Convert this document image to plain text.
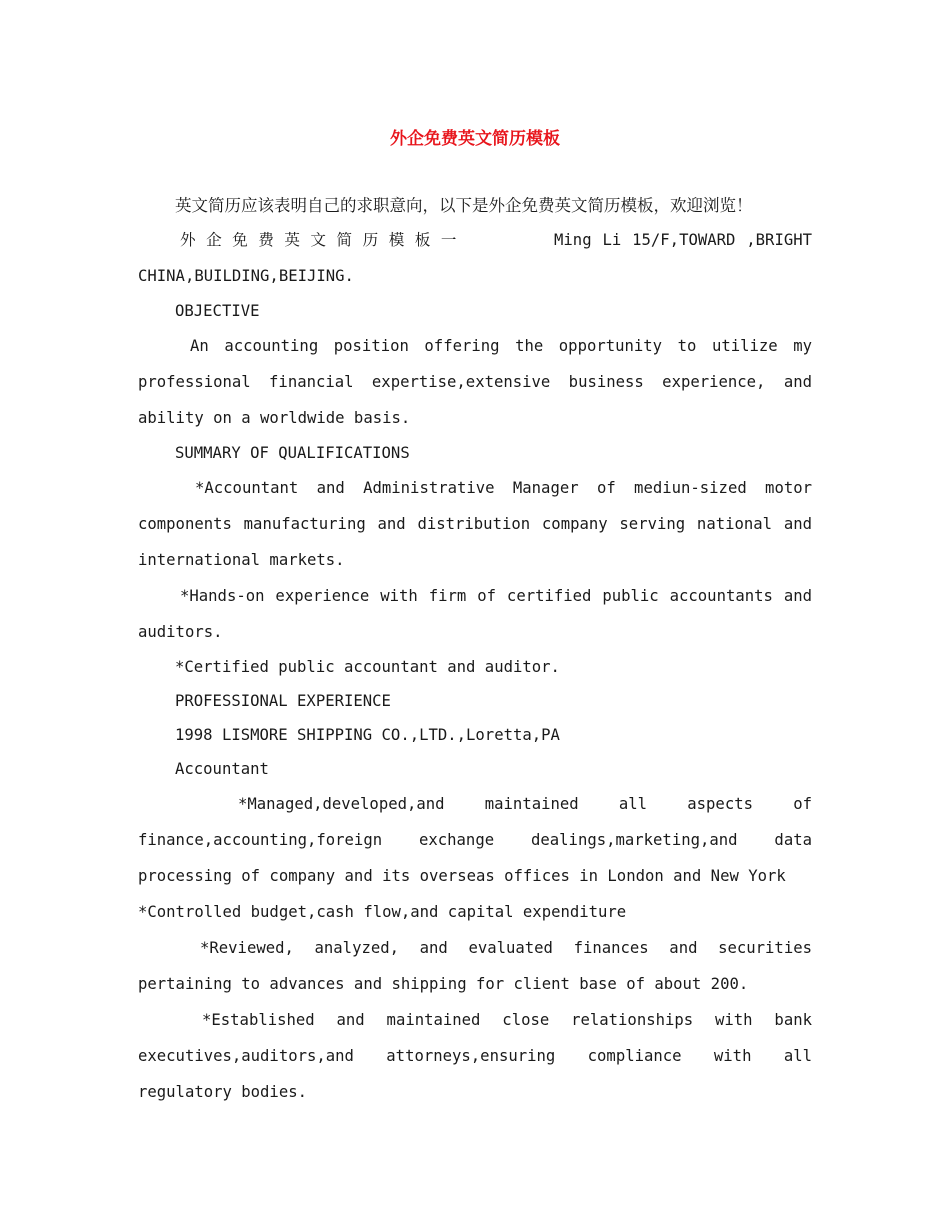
外企免费英文简历模板

英文简历应该表明自己的求职意向，以下是外企免费英文简历模板，欢迎浏览！

外企免费英文简历模板一	Ming Li 15/F,TOWARD ,BRIGHT CHINA,BUILDING,BEIJING.

OBJECTIVE

An accounting position offering the opportunity to utilize my professional financial expertise,extensive business experience, and ability on a worldwide basis.

SUMMARY OF QUALIFICATIONS

*Accountant and Administrative Manager of mediun-sized motor components manufacturing and distribution company serving national and international markets.

*Hands-on experience with firm of certified public accountants and auditors.

*Certified public accountant and auditor.

PROFESSIONAL EXPERIENCE

1998 LISMORE SHIPPING CO.,LTD.,Loretta,PA

Accountant

*Managed,developed,and maintained all aspects of finance,accounting,foreign exchange dealings,marketing,and data processing of company and its overseas offices in London and New York

*Controlled budget,cash flow,and capital expenditure

*Reviewed, analyzed, and evaluated finances and securities pertaining to advances and shipping for client base of about 200.

*Established and maintained close relationships with bank executives,auditors,and attorneys,ensuring compliance with all regulatory bodies.
